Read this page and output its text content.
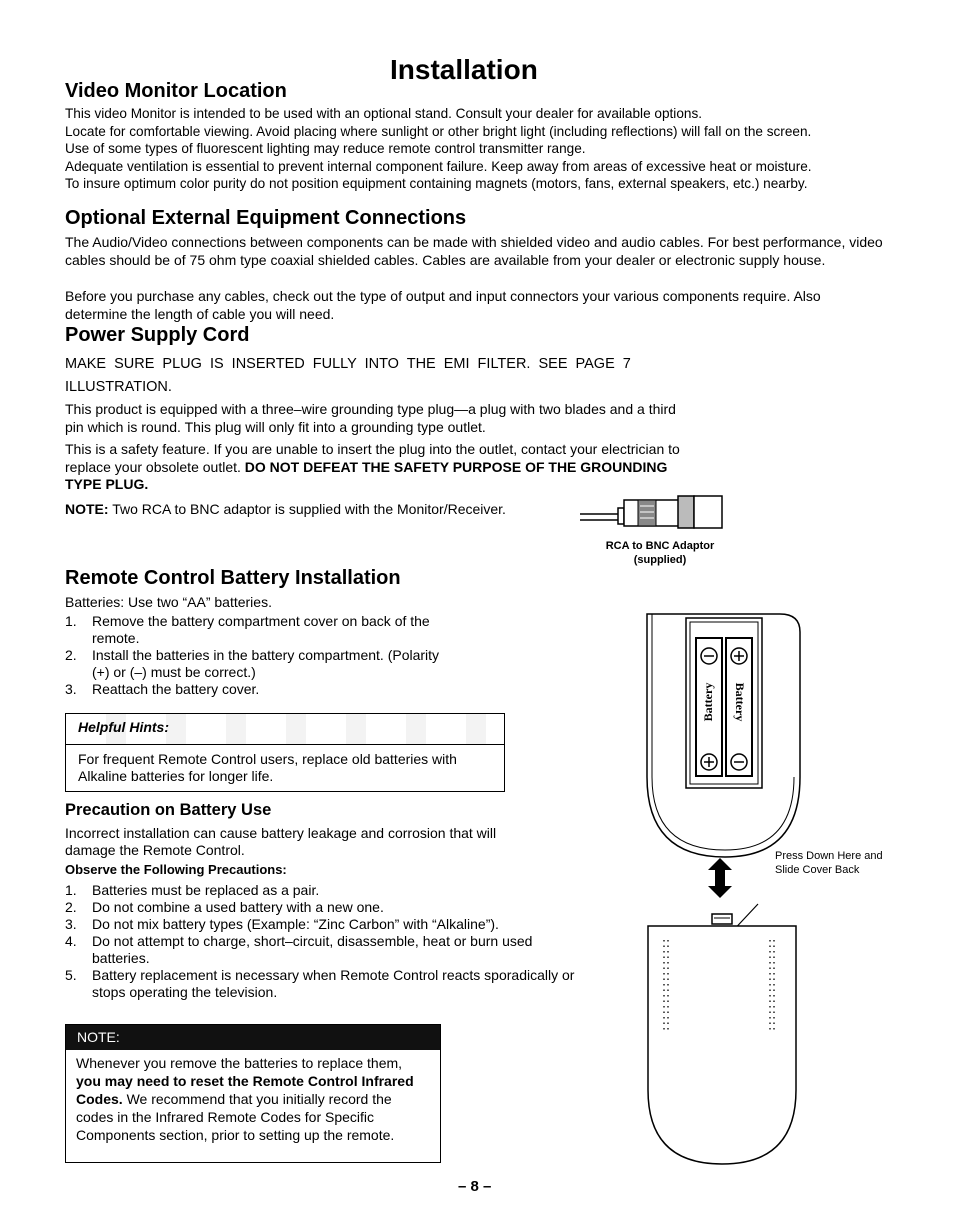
Installation
Video Monitor Location
This video Monitor is intended to be used with an optional stand. Consult your dealer for available options.
Locate for comfortable viewing. Avoid placing where sunlight or other bright light (including reflections) will fall on the screen.
Use of some types of fluorescent lighting may reduce remote control transmitter range.
Adequate ventilation is essential to prevent internal component failure. Keep away from areas of excessive heat or moisture.
To insure optimum color purity do not position equipment containing magnets (motors, fans, external speakers, etc.) nearby.
Optional External Equipment Connections
The Audio/Video connections between components can be made with shielded video and audio cables. For best performance, video cables should be of 75 ohm type coaxial shielded cables. Cables are available from your dealer or electronic supply house.
Before you purchase any cables, check out the type of output and input connectors your various components require. Also determine the length of cable you will need.
Power Supply Cord
MAKE SURE PLUG IS INSERTED FULLY INTO THE EMI FILTER. SEE PAGE 7 ILLUSTRATION.
This product is equipped with a three–wire grounding type plug—a plug with two blades and a third pin which is round. This plug will only fit into a grounding type outlet.
This is a safety feature. If you are unable to insert the plug into the outlet, contact your electrician to replace your obsolete outlet. DO NOT DEFEAT THE SAFETY PURPOSE OF THE GROUNDING TYPE PLUG.
NOTE: Two RCA to BNC adaptor is supplied with the Monitor/Receiver.
RCA to BNC Adaptor
(supplied)
Remote Control Battery Installation
Batteries: Use two “AA” batteries.
1. Remove the battery compartment cover on back of the remote.
2. Install the batteries in the battery compartment. (Polarity (+) or (–) must be correct.)
3. Reattach the battery cover.
Helpful Hints:
For frequent Remote Control users, replace old batteries with Alkaline batteries for longer life.
Precaution on Battery Use
Incorrect installation can cause battery leakage and corrosion that will damage the Remote Control.
Observe the Following Precautions:
1. Batteries must be replaced as a pair.
2. Do not combine a used battery with a new one.
3. Do not mix battery types (Example: “Zinc Carbon” with “Alkaline”).
4. Do not attempt to charge, short–circuit, disassemble, heat or burn used batteries.
5. Battery replacement is necessary when Remote Control reacts sporadically or stops operating the television.
NOTE:
Whenever you remove the batteries to replace them, you may need to reset the Remote Control Infrared Codes. We recommend that you initially record the codes in the Infrared Remote Codes for Specific Components section, prior to setting up the remote.
Battery Battery
Press Down Here and Slide Cover Back
– 8 –
